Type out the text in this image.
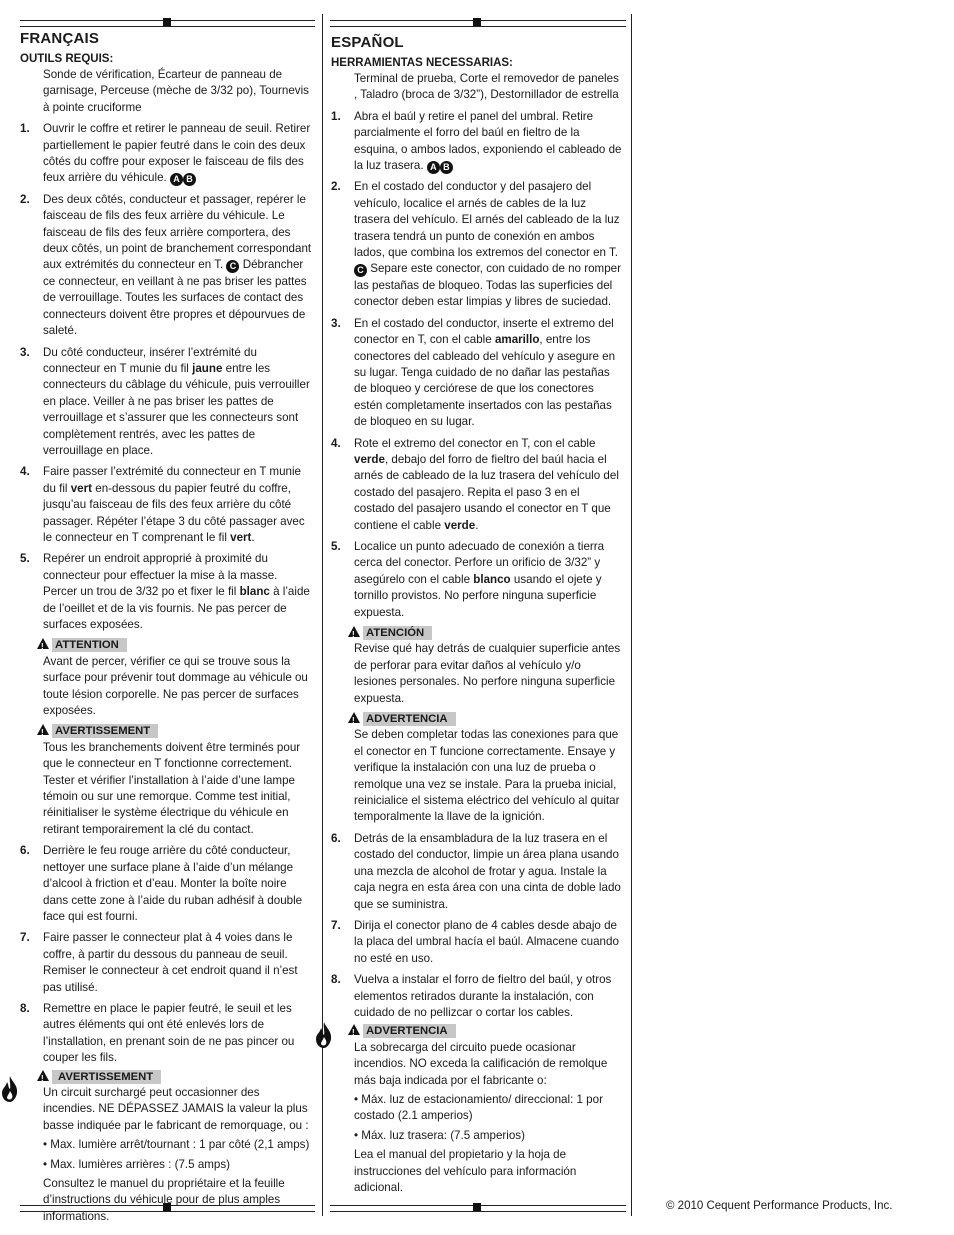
FRANÇAIS
OUTILS REQUIS:
Sonde de vérification, Écarteur de panneau de garnisage, Perceuse (mèche de 3/32 po), Tournevis à pointe cruciforme
1. Ouvrir le coffre et retirer le panneau de seuil. Retirer partiellement le papier feutré dans le coin des deux côtés du coffre pour exposer le faisceau de fils des feux arrière du véhicule. A B
2. Des deux côtés, conducteur et passager, repérer le faisceau de fils des feux arrière du véhicule. Le faisceau de fils des feux arrière comportera, des deux côtés, un point de branchement correspondant aux extrémités du connecteur en T. C Débrancher ce connecteur, en veillant à ne pas briser les pattes de verrouillage. Toutes les surfaces de contact des connecteurs doivent être propres et dépourvues de saleté.
3. Du côté conducteur, insérer l’extrémité du connecteur en T munie du fil jaune entre les connecteurs du câblage du véhicule, puis verrouiller en place. Veiller à ne pas briser les pattes de verrouillage et s’assurer que les connecteurs sont complètement rentrés, avec les pattes de verrouillage en place.
4. Faire passer l’extrémité du connecteur en T munie du fil vert en-dessous du papier feutré du coffre, jusqu’au faisceau de fils des feux arrière du côté passager. Répéter l’étape 3 du côté passager avec le connecteur en T comprenant le fil vert.
5. Repérer un endroit approprié à proximité du connecteur pour effectuer la mise à la masse. Percer un trou de 3/32 po et fixer le fil blanc à l’aide de l’oeillet et de la vis fournis. Ne pas percer de surfaces exposées.
!ATTENTION
Avant de percer, vérifier ce qui se trouve sous la surface pour prévenir tout dommage au véhicule ou toute lésion corporelle. Ne pas percer de surfaces exposées.
!AVERTISSEMENT
Tous les branchements doivent être terminés pour que le connecteur en T fonctionne correctement. Tester et vérifier l’installation à l’aide d’une lampe témoin ou sur une remorque. Comme test initial, réinitialiser le système électrique du véhicule en retirant temporairement la clé du contact.
6. Derrière le feu rouge arrière du côté conducteur, nettoyer une surface plane à l’aide d’un mélange d’alcool à friction et d’eau. Monter la boîte noire dans cette zone à l’aide du ruban adhésif à double face qui est fourni.
7. Faire passer le connecteur plat à 4 voies dans le coffre, à partir du dessous du panneau de seuil. Remiser le connecteur à cet endroit quand il n’est pas utilisé.
8. Remettre en place le papier feutré, le seuil et les autres éléments qui ont été enlevés lors de l’installation, en prenant soin de ne pas pincer ou couper les fils.
!AVERTISSEMENT
Un circuit surchargé peut occasionner des incendies. NE DÉPASSEZ JAMAIS la valeur la plus basse indiquée par le fabricant de remorquage, ou :
• Max. lumière arrêt/tournant : 1 par côté (2,1 amps)
• Max. lumières arrières : (7.5 amps)
Consultez le manuel du propriétaire et la feuille d’instructions du véhicule pour de plus amples informations.
ESPAÑOL
HERRAMIENTAS NECESSARIAS:
Terminal de prueba, Corte el removedor de paneles , Taladro (broca de 3/32”), Destornillador de estrella
1. Abra el baúl y retire el panel del umbral. Retire parcialmente el forro del baúl en fieltro de la esquina, o ambos lados, exponiendo el cableado de la luz trasera. A B
2. En el costado del conductor y del pasajero del vehículo, localice el arnés de cables de la luz trasera del vehículo. El arnés del cableado de la luz trasera tendrá un punto de conexión en ambos lados, que combina los extremos del conector en T. C Separe este conector, con cuidado de no romper las pestañas de bloqueo. Todas las superficies del conector deben estar limpias y libres de suciedad.
3. En el costado del conductor, inserte el extremo del conector en T, con el cable amarillo, entre los conectores del cableado del vehículo y asegure en su lugar. Tenga cuidado de no dañar las pestañas de bloqueo y cerciórese de que los conectores estén completamente insertados con las pestañas de bloqueo en su lugar.
4. Rote el extremo del conector en T, con el cable verde, debajo del forro de fieltro del baúl hacia el arnés de cableado de la luz trasera del vehículo del costado del pasajero. Repita el paso 3 en el costado del pasajero usando el conector en T que contiene el cable verde.
5. Localice un punto adecuado de conexión a tierra cerca del conector. Perfore un orificio de 3/32” y asegúrelo con el cable blanco usando el ojete y tornillo provistos. No perfore ninguna superficie expuesta.
!ATENCIÓN
Revise qué hay detrás de cualquier superficie antes de perforar para evitar daños al vehículo y/o lesiones personales. No perfore ninguna superficie expuesta.
!ADVERTENCIA
Se deben completar todas las conexiones para que el conector en T funcione correctamente. Ensaye y verifique la instalación con una luz de prueba o remolque una vez se instale. Para la prueba inicial, reinicialice el sistema eléctrico del vehículo al quitar temporalmente la llave de la ignición.
6. Detrás de la ensambladura de la luz trasera en el costado del conductor, limpie un área plana usando una mezcla de alcohol de frotar y agua. Instale la caja negra en esta área con una cinta de doble lado que se suministra.
7. Dirija el conector plano de 4 cables desde abajo de la placa del umbral hacía el baúl. Almacene cuando no esté en uso.
8. Vuelva a instalar el forro de fieltro del baúl, y otros elementos retirados durante la instalación, con cuidado de no pellizcar o cortar los cables.
!ADVERTENCIA
La sobrecarga del circuito puede ocasionar incendios. NO exceda la calificación de remolque más baja indicada por el fabricante o:
• Máx. luz de estacionamiento/ direccional: 1 por costado (2.1 amperios)
• Máx. luz trasera: (7.5 amperios)
Lea el manual del propietario y la hoja de instrucciones del vehículo para información adicional.
© 2010 Cequent Performance Products, Inc.
